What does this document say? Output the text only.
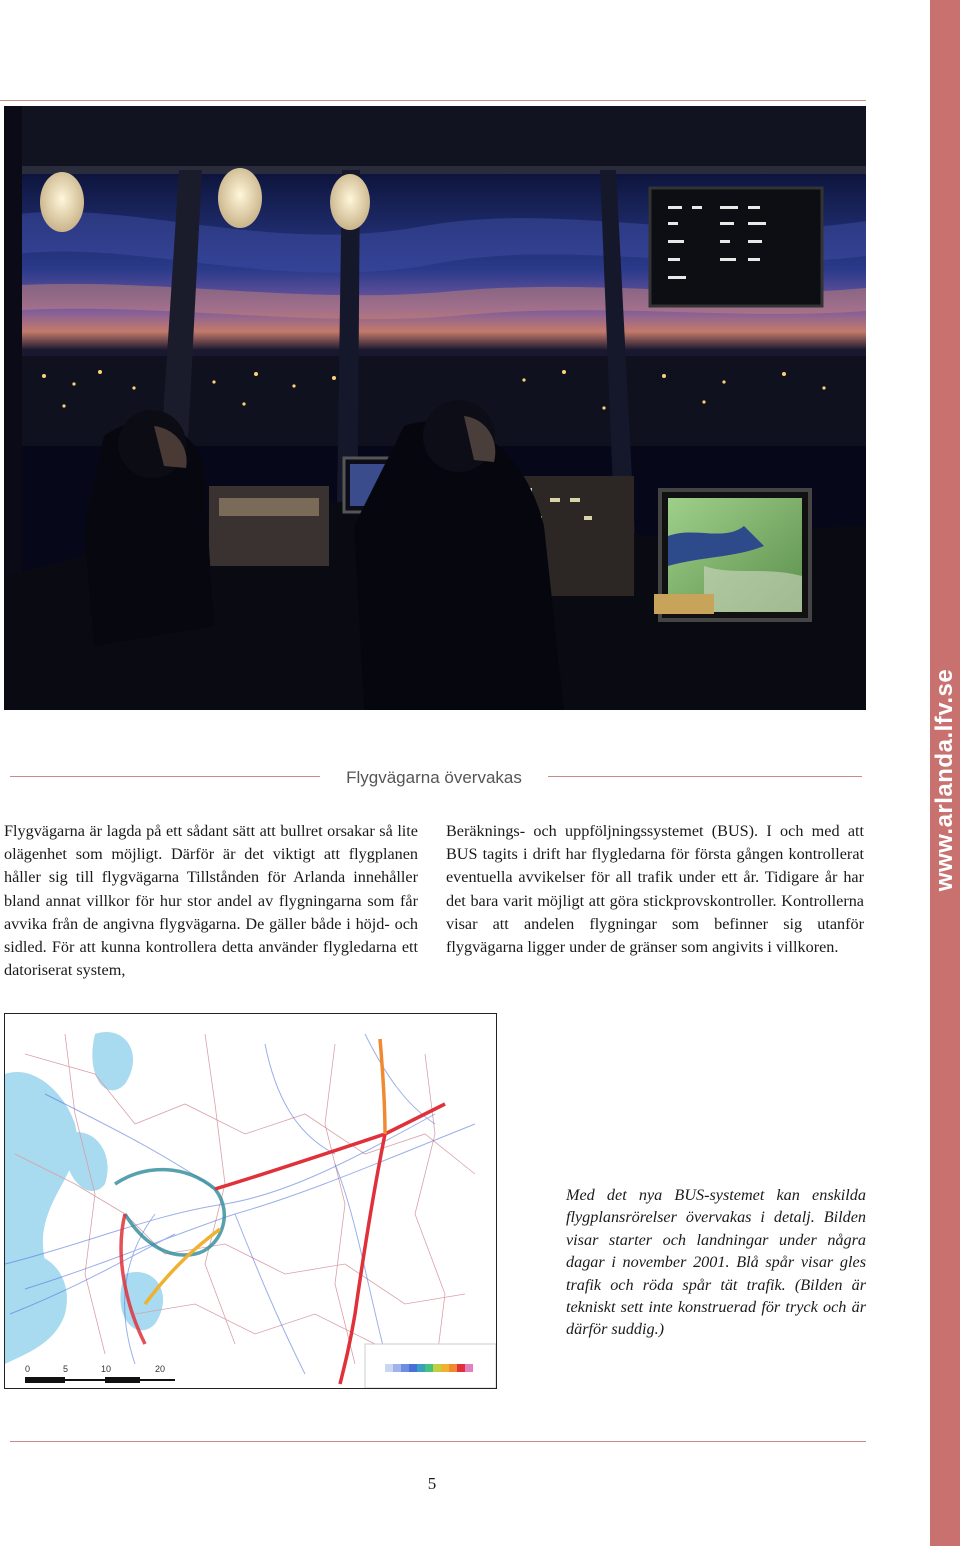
Flygvägarna övervakas

Flygvägarna är lagda på ett sådant sätt att bullret orsakar så lite olägenhet som möjligt. Därför är det viktigt att flygplanen håller sig till flygvägarna Tillstånden för Arlanda innehåller bland annat villkor för hur stor andel av flygningarna som får avvika från de angivna flygvägarna. De gäller både i höjd- och sidled. För att kunna kontrollera detta använder flygledarna ett datoriserat system,

Beräknings- och uppföljningssystemet (BUS). I och med att BUS tagits i drift har flygledarna för första gången kontrollerat eventuella avvikelser för all trafik under ett år. Tidigare år har det bara varit möjligt att göra stickprovskontroller. Kontrollerna visar att andelen flygningar som befinner sig utanför flygvägarna ligger under de gränser som angivits i villkoren.

0	5	10	20
Med det nya BUS-systemet kan enskilda flygplansrörelser övervakas i detalj. Bilden visar starter och landningar under några dagar i november 2001. Blå spår visar gles trafik och röda spår tät trafik. (Bilden är tekniskt sett inte konstruerad för tryck och är därför suddig.)
5
www.arlanda.lfv.se
